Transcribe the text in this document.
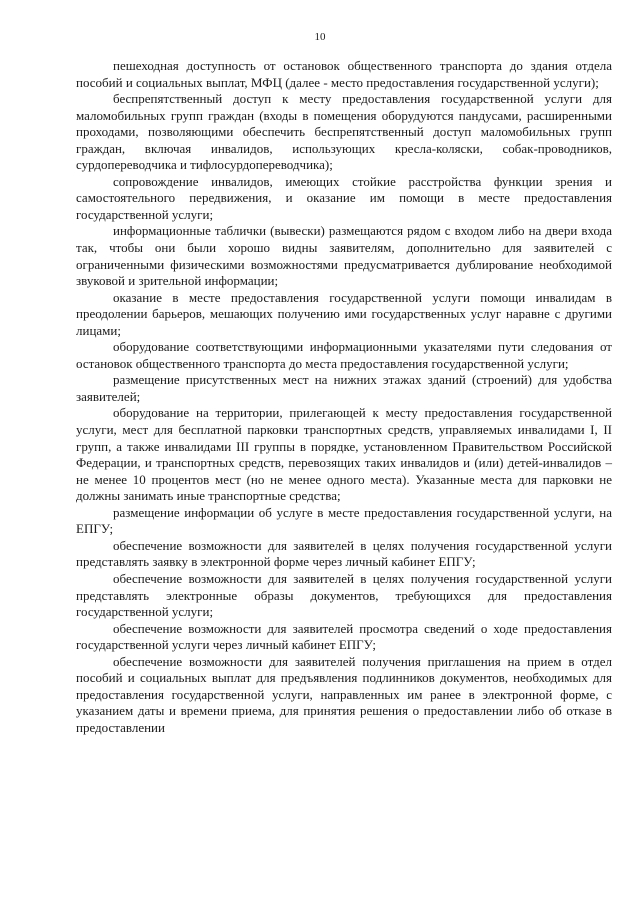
10

пешеходная доступность от остановок общественного транспорта до здания отдела пособий и социальных выплат, МФЦ (далее - место предоставления государственной услуги);

беспрепятственный доступ к месту предоставления государственной услуги для маломобильных групп граждан (входы в помещения оборудуются пандусами, расширенными проходами, позволяющими обеспечить беспрепятственный доступ маломобильных групп граждан, включая инвалидов, использующих кресла-коляски, собак-проводников, сурдопереводчика и тифлосурдопереводчика);

сопровождение инвалидов, имеющих стойкие расстройства функции зрения и самостоятельного передвижения, и оказание им помощи в месте предоставления государственной услуги;

информационные таблички (вывески) размещаются рядом с входом либо на двери входа так, чтобы они были хорошо видны заявителям, дополнительно для заявителей с ограниченными физическими возможностями предусматривается дублирование необходимой звуковой и зрительной информации;

оказание в месте предоставления государственной услуги помощи инвалидам в преодолении барьеров, мешающих получению ими государственных услуг наравне с другими лицами;

оборудование соответствующими информационными указателями пути следования от остановок общественного транспорта до места предоставления государственной услуги;

размещение присутственных мест на нижних этажах зданий (строений) для удобства заявителей;

оборудование на территории, прилегающей к месту предоставления государственной услуги, мест для бесплатной парковки транспортных средств, управляемых инвалидами I, II групп, а также инвалидами III группы в порядке, установленном Правительством Российской Федерации, и транспортных средств, перевозящих таких инвалидов и (или) детей-инвалидов – не менее 10 процентов мест (но не менее одного места). Указанные места для парковки не должны занимать иные транспортные средства;

размещение информации об услуге в месте предоставления государственной услуги, на ЕПГУ;

обеспечение возможности для заявителей в целях получения государственной услуги представлять заявку в электронной форме через личный кабинет ЕПГУ;

обеспечение возможности для заявителей в целях получения государственной услуги представлять электронные образы документов, требующихся для предоставления государственной услуги;

обеспечение возможности для заявителей просмотра сведений о ходе предоставления государственной услуги через личный кабинет ЕПГУ;

обеспечение возможности для заявителей получения приглашения на прием в отдел пособий и социальных выплат для предъявления подлинников документов, необходимых для предоставления государственной услуги, направленных им ранее в электронной форме, с указанием даты и времени приема, для принятия решения о предоставлении либо об отказе в предоставлении
